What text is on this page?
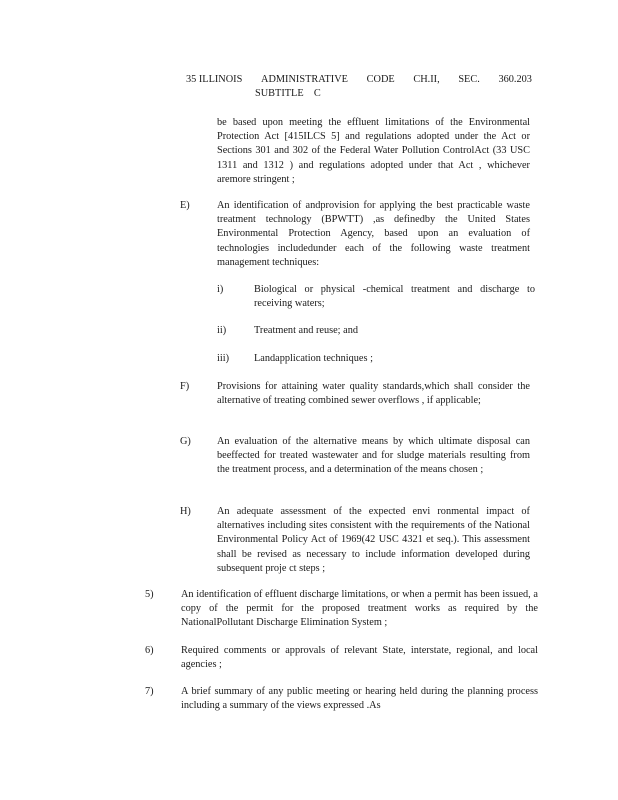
35 ILLINOIS ADMINISTRATIVE CODE CH.II, SEC. 360.203
SUBTITLE    C
be based upon meeting the effluent limitations of the Environmental Protection Act [415ILCS 5] and regulations adopted under the Act or Sections 301 and 302 of the Federal Water Pollution ControlAct (33 USC 1311 and 1312 ) and regulations adopted under that Act , whichever aremore stringent ;
E)	An identification of andprovision for applying the best practicable waste treatment technology (BPWTT) ,as definedby the United States Environmental Protection Agency, based upon an evaluation of technologies includedunder each of the following waste treatment management techniques:
i)	Biological or physical -chemical treatment and discharge to receiving waters;
ii)	Treatment and reuse; and
iii) Landapplication techniques ;
F)	Provisions for attaining water quality standards,which shall consider the alternative of treating combined sewer overflows , if applicable;
G)	An evaluation of the alternative means by which ultimate disposal can beeffected for treated wastewater and for sludge materials resulting from the treatment process, and a determination of the means chosen ;
H)	An adequate assessment of the expected envi ronmental impact of alternatives including sites consistent with the requirements of the National Environmental Policy Act of 1969(42 USC 4321 et seq.). This assessment shall be revised as necessary to include information developed during subsequent proje ct steps ;
5)	An identification of effluent discharge limitations, or when a permit has been issued, a copy of the permit for the proposed treatment works as required by the NationalPollutant Discharge Elimination System ;
6)	Required comments or approvals of relevant State, interstate, regional, and local agencies ;
7)	A brief summary of any public meeting or hearing held during the planning process including a summary of the views expressed .As
